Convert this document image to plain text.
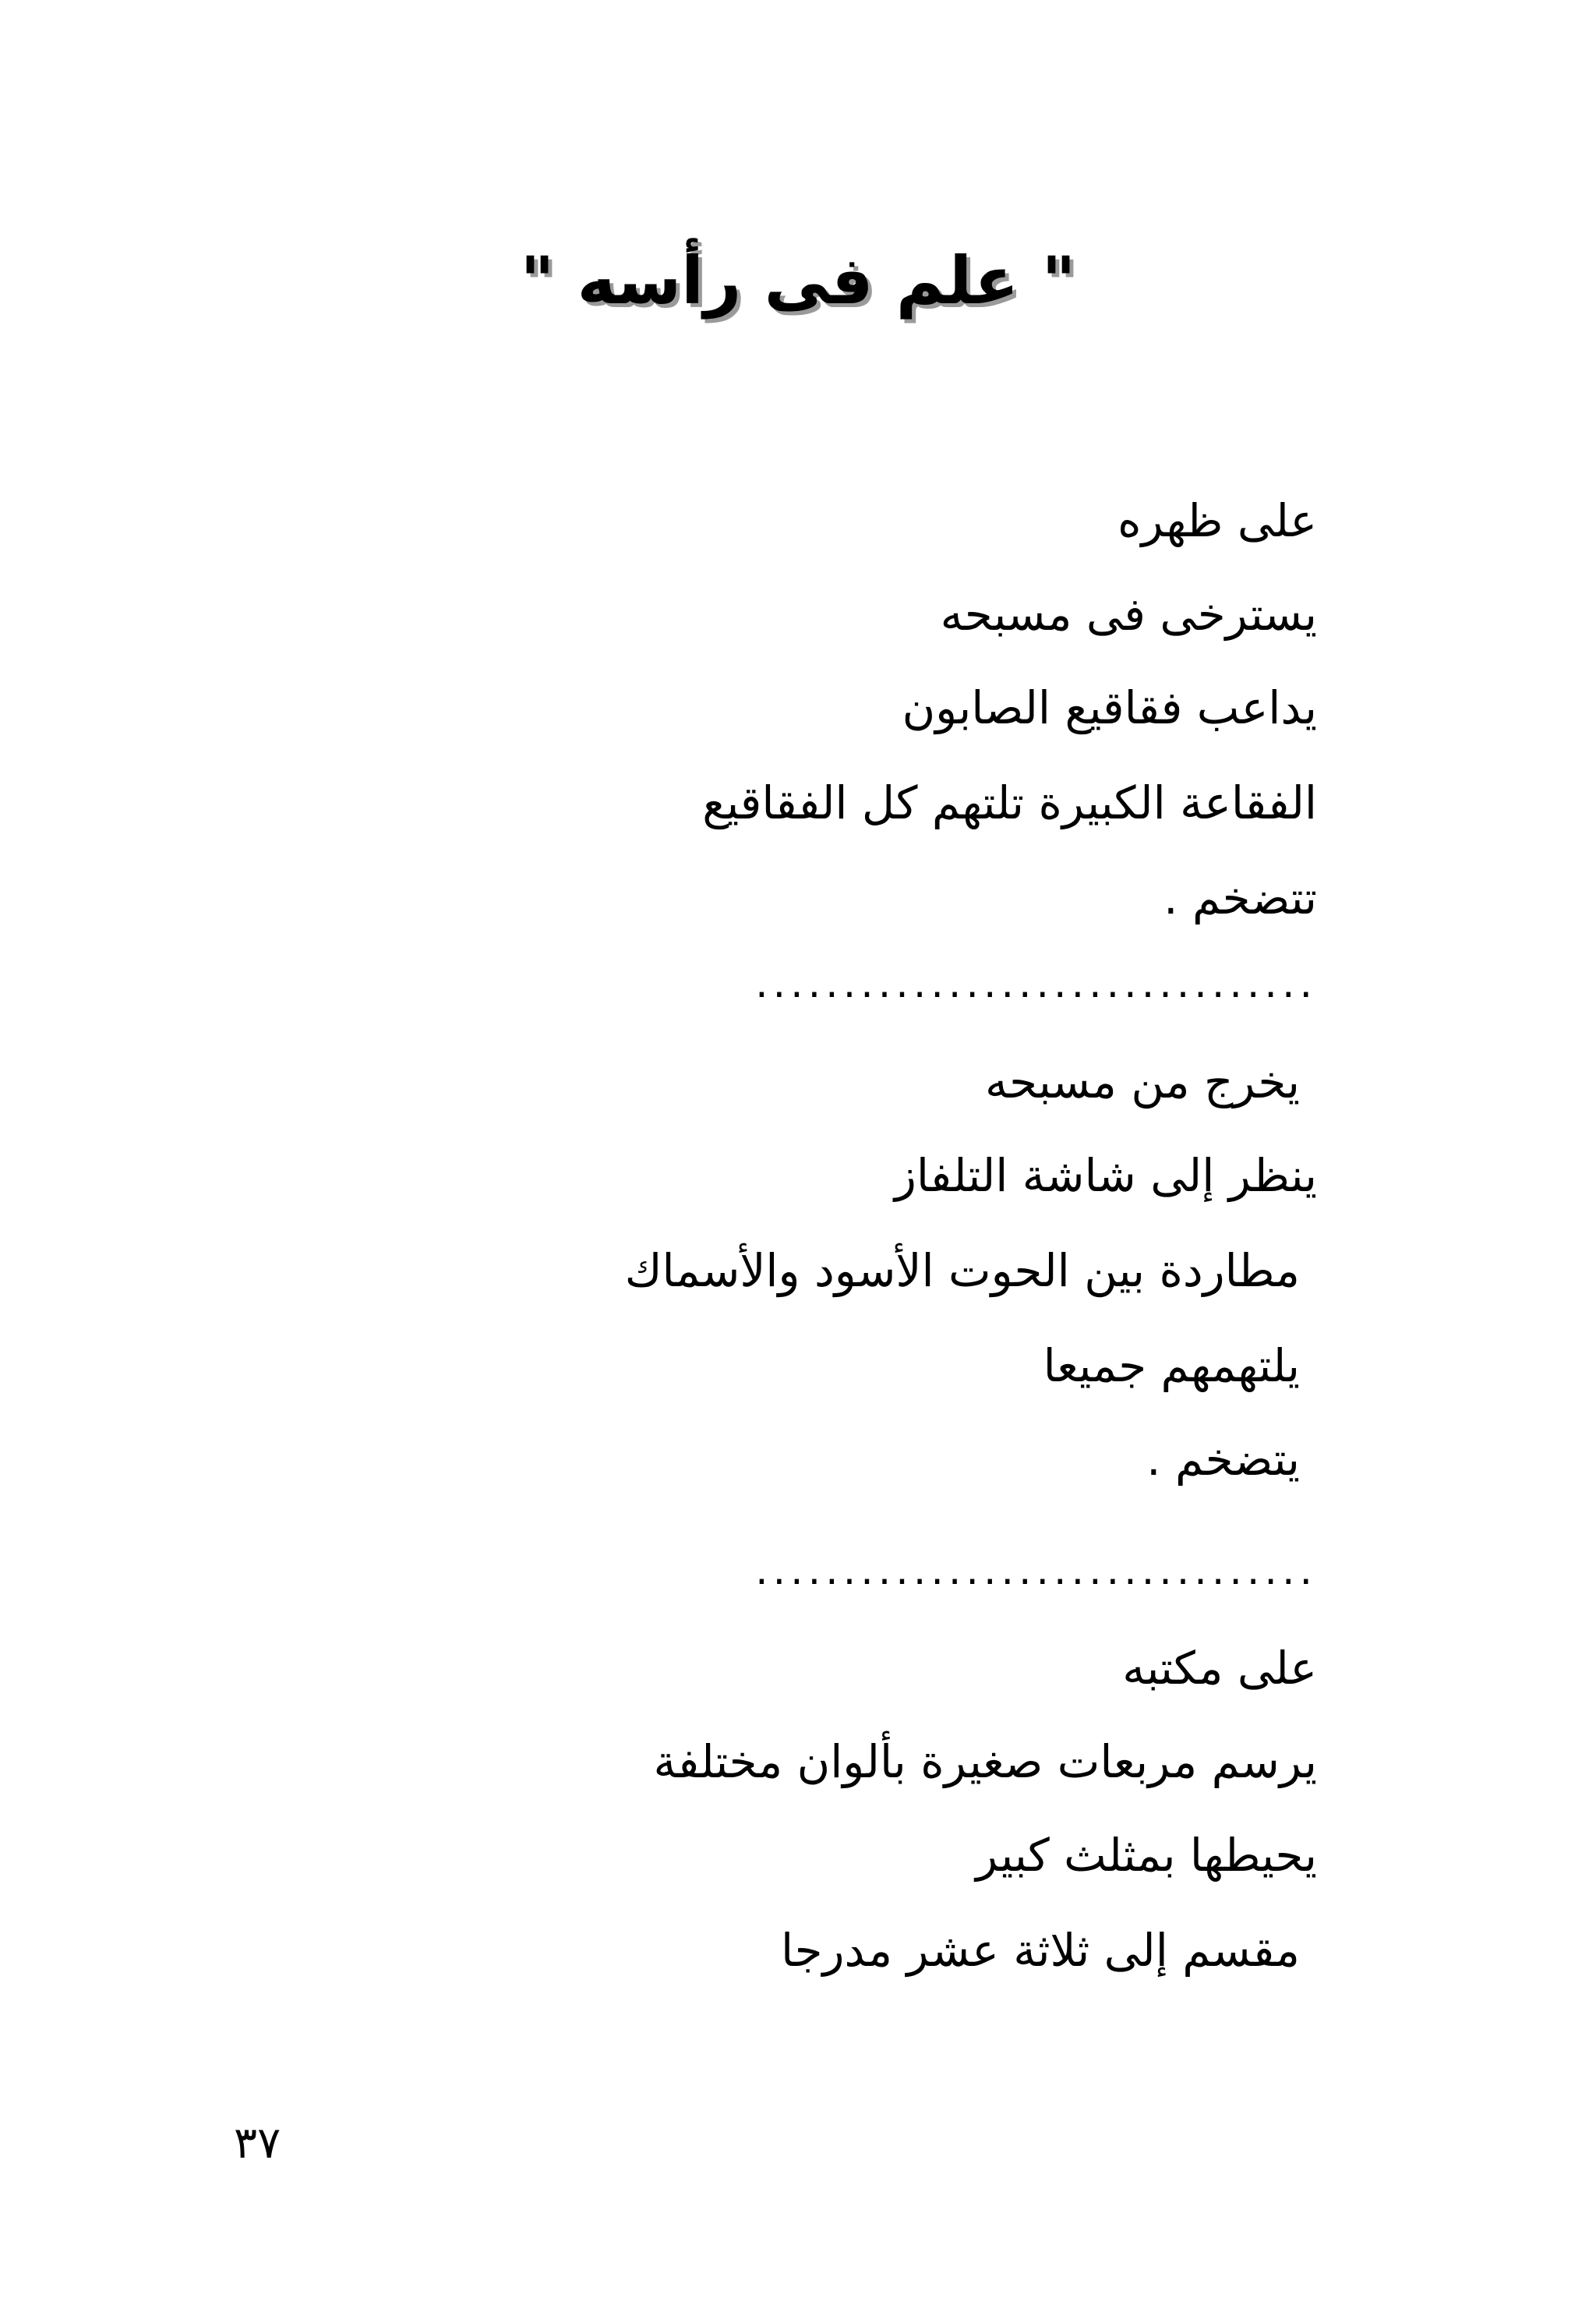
" علم فى رأسه "
على ظهره
يسترخى فى مسبحه
يداعب فقاقيع الصابون
الفقاعة الكبيرة تلتهم كل الفقاقيع
تتضخم .
................................
يخرج من مسبحه
ينظر إلى شاشة التلفاز
مطاردة بين الحوت الأسود والأسماك
يلتهمهم جميعا
يتضخم .
................................
على مكتبه
يرسم مربعات صغيرة بألوان مختلفة
يحيطها بمثلث كبير
مقسم إلى ثلاثة عشر مدرجا
٣٧
